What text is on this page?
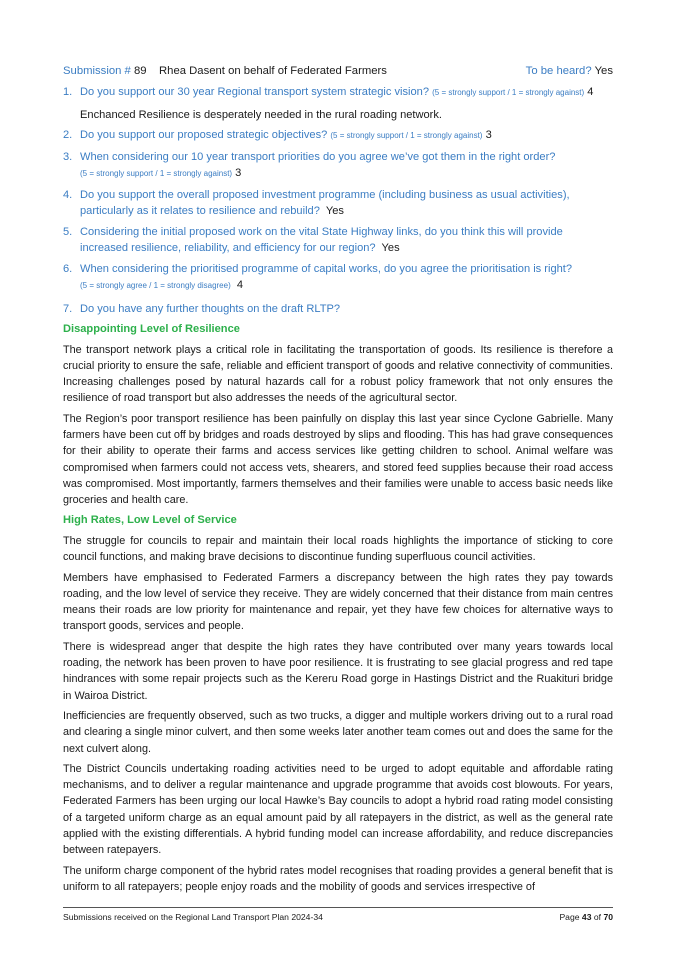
Submission # 89	Rhea Dasent on behalf of Federated Farmers	To be heard? Yes
1. Do you support our 30 year Regional transport system strategic vision? (5 = strongly support / 1 = strongly against) 4
Enchanced Resilience is desperately needed in the rural roading network.
2. Do you support our proposed strategic objectives? (5 = strongly support / 1 = strongly against) 3
3. When considering our 10 year transport priorities do you agree we’ve got them in the right order?
(5 = strongly support / 1 = strongly against) 3
4. Do you support the overall proposed investment programme (including business as usual activities), particularly as it relates to resilience and rebuild? Yes
5. Considering the initial proposed work on the vital State Highway links, do you think this will provide increased resilience, reliability, and efficiency for our region? Yes
6. When considering the prioritised programme of capital works, do you agree the prioritisation is right?
(5 = strongly agree / 1 = strongly disagree) 4
7. Do you have any further thoughts on the draft RLTP?
Disappointing Level of Resilience

The transport network plays a critical role in facilitating the transportation of goods. Its resilience is therefore a crucial priority to ensure the safe, reliable and efficient transport of goods and relative connectivity of communities. Increasing challenges posed by natural hazards call for a robust policy framework that not only ensures the resilience of road transport but also addresses the needs of the agricultural sector.

The Region’s poor transport resilience has been painfully on display this last year since Cyclone Gabrielle. Many farmers have been cut off by bridges and roads destroyed by slips and flooding. This has had grave consequences for their ability to operate their farms and access services like getting children to school. Animal welfare was compromised when farmers could not access vets, shearers, and stored feed supplies because their road access was compromised. Most importantly, farmers themselves and their families were unable to access basic needs like groceries and health care.

High Rates, Low Level of Service

The struggle for councils to repair and maintain their local roads highlights the importance of sticking to core council functions, and making brave decisions to discontinue funding superfluous council activities.

Members have emphasised to Federated Farmers a discrepancy between the high rates they pay towards roading, and the low level of service they receive. They are widely concerned that their distance from main centres means their roads are low priority for maintenance and repair, yet they have few choices for alternative ways to transport goods, services and people.

There is widespread anger that despite the high rates they have contributed over many years towards local roading, the network has been proven to have poor resilience. It is frustrating to see glacial progress and red tape hindrances with some repair projects such as the Kereru Road gorge in Hastings District and the Ruakituri bridge in Wairoa District.

Inefficiencies are frequently observed, such as two trucks, a digger and multiple workers driving out to a rural road and clearing a single minor culvert, and then some weeks later another team comes out and does the same for the next culvert along.

The District Councils undertaking roading activities need to be urged to adopt equitable and affordable rating mechanisms, and to deliver a regular maintenance and upgrade programme that avoids cost blowouts. For years, Federated Farmers has been urging our local Hawke’s Bay councils to adopt a hybrid road rating model consisting of a targeted uniform charge as an equal amount paid by all ratepayers in the district, as well as the general rate applied with the existing differentials. A hybrid funding model can increase affordability, and reduce discrepancies between ratepayers.

The uniform charge component of the hybrid rates model recognises that roading provides a general benefit that is uniform to all ratepayers; people enjoy roads and the mobility of goods and services irrespective of

Submissions received on the Regional Land Transport Plan 2024-34	Page 43 of 70
